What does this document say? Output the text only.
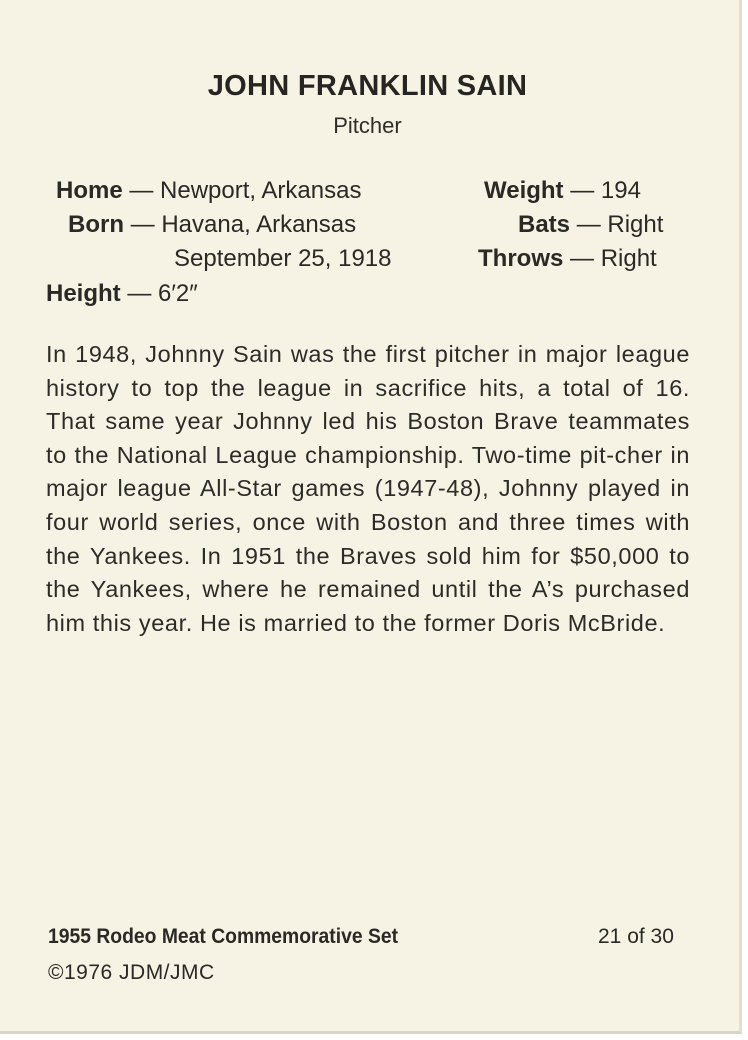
JOHN FRANKLIN SAIN
Pitcher
Home — Newport, Arkansas
Born — Havana, Arkansas
September 25, 1918
Height — 6′2″
Weight — 194
Bats — Right
Throws — Right

In 1948, Johnny Sain was the first pitcher in major league history to top the league in sacrifice hits, a total of 16. That same year Johnny led his Boston Brave teammates to the National League championship. Two-time pit-cher in major league All-Star games (1947-48), Johnny played in four world series, once with Boston and three times with the Yankees. In 1951 the Braves sold him for $50,000 to the Yankees, where he remained until the A’s purchased him this year. He is married to the former Doris McBride.

1955 Rodeo Meat Commemorative Set	21 of 30
©1976 JDM/JMC
